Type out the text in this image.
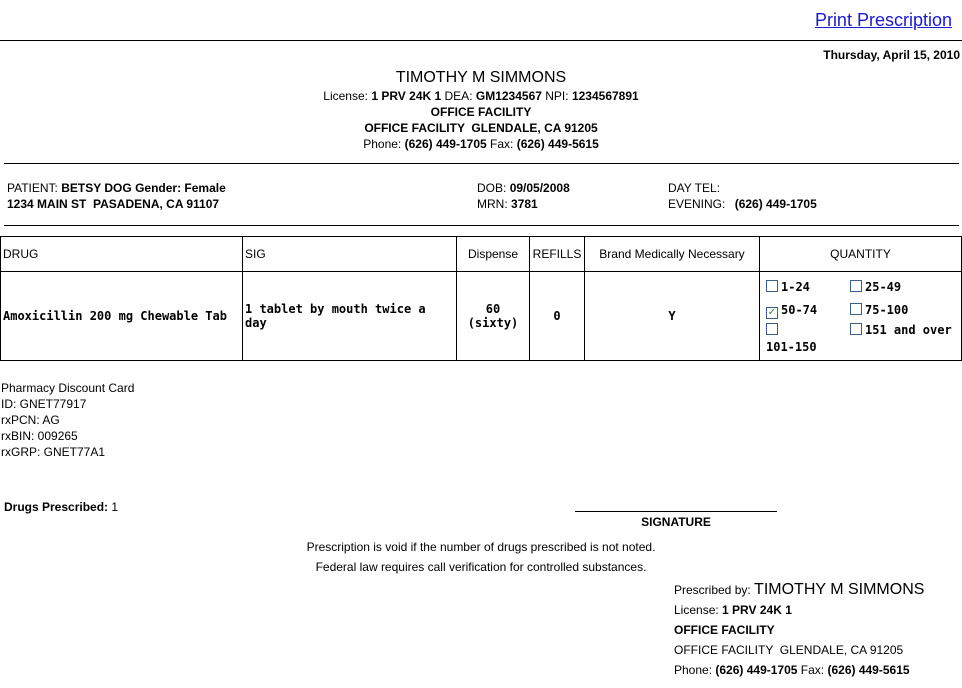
Print Prescription
Thursday, April 15, 2010
TIMOTHY M SIMMONS
License: 1 PRV 24K 1 DEA: GM1234567 NPI: 1234567891
OFFICE FACILITY
OFFICE FACILITY  GLENDALE, CA 91205
Phone: (626) 449-1705 Fax: (626) 449-5615
PATIENT: BETSY DOG Gender: Female
1234 MAIN ST  PASADENA, CA 91107
DOB: 09/05/2008
MRN: 3781
DAY TEL:
EVENING: (626) 449-1705
DRUG	SIG	Dispense	REFILLS	Brand Medically Necessary	QUANTITY
Amoxicillin 200 mg Chewable Tab	1 tablet by mouth twice a day	60 (sixty)	0	Y	1-24 25-49
✓ 50-74 75-100

101-150
151 and over
Pharmacy Discount Card
ID: GNET77917
rxPCN: AG
rxBIN: 009265
rxGRP: GNET77A1
Drugs Prescribed: 1
SIGNATURE
Prescription is void if the number of drugs prescribed is not noted.
Federal law requires call verification for controlled substances.
Prescribed by: TIMOTHY M SIMMONS
License: 1 PRV 24K 1
OFFICE FACILITY
OFFICE FACILITY  GLENDALE, CA 91205
Phone: (626) 449-1705 Fax: (626) 449-5615
